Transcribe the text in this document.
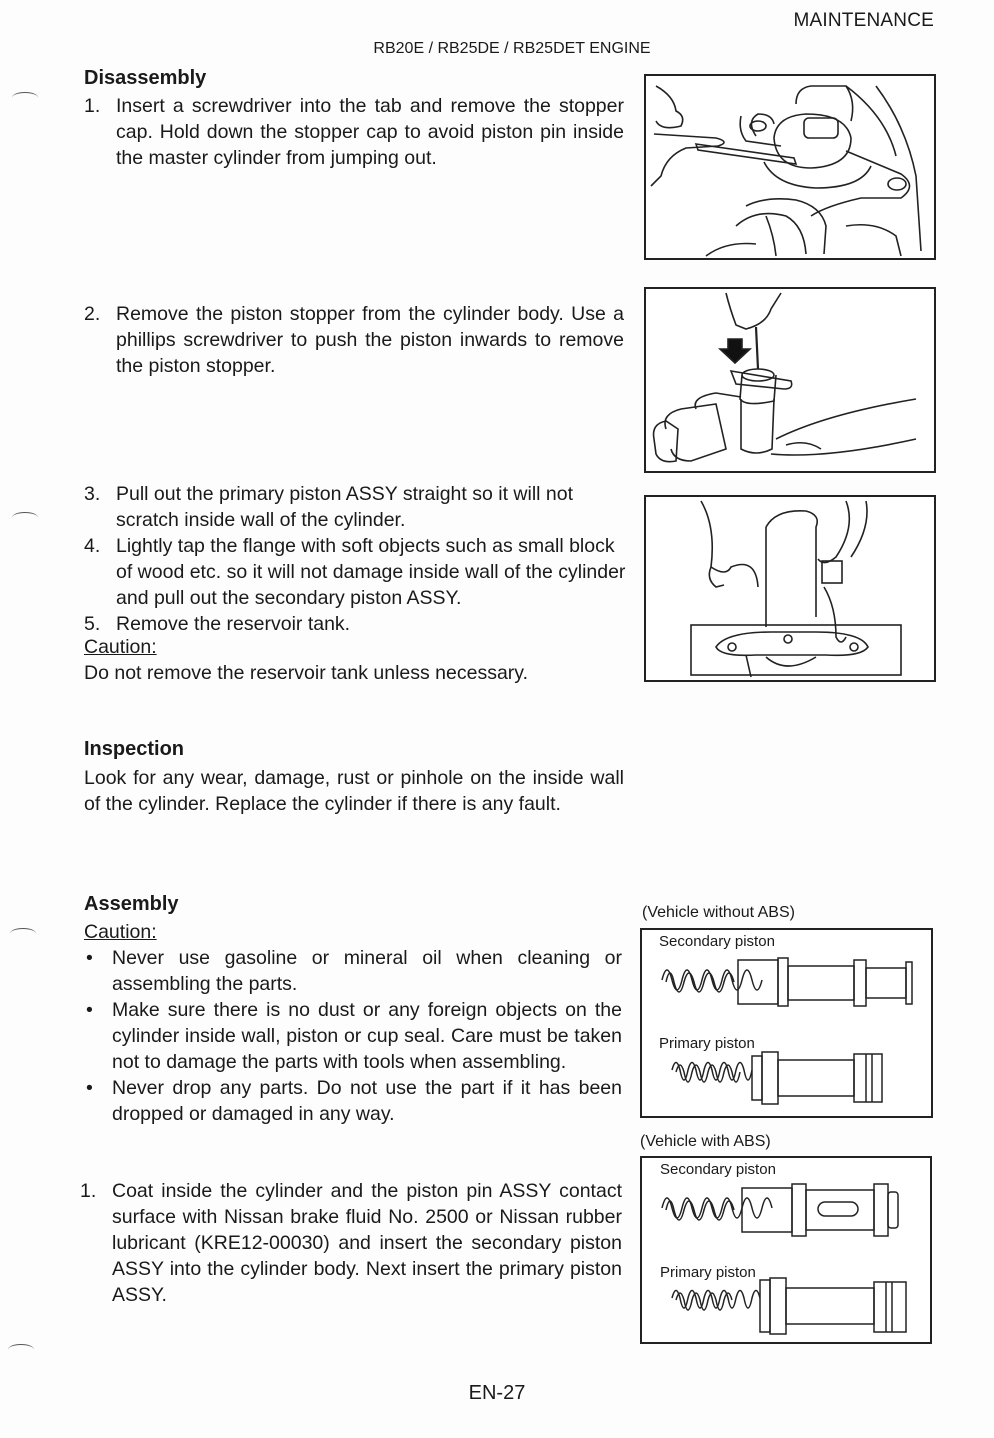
MAINTENANCE
RB20E / RB25DE / RB25DET ENGINE
Disassembly
1. Insert a screwdriver into the tab and remove the stopper cap. Hold down the stopper cap to avoid piston pin inside the master cylinder from jumping out.
2. Remove the piston stopper from the cylinder body. Use a phillips screwdriver to push the piston inwards to remove the piston stopper.
3. Pull out the primary piston ASSY straight so it will not scratch inside wall of the cylinder.
4. Lightly tap the flange with soft objects such as small block of wood etc. so it will not damage inside wall of the cylinder and pull out the secondary piston ASSY.
5. Remove the reservoir tank.
Caution:
Do not remove the reservoir tank unless necessary.
Inspection
Look for any wear, damage, rust or pinhole on the inside wall of the cylinder. Replace the cylinder if there is any fault.
Assembly
Caution:
• Never use gasoline or mineral oil when cleaning or assembling the parts.
• Make sure there is no dust or any foreign objects on the cylinder inside wall, piston or cup seal. Care must be taken not to damage the parts with tools when assembling.
• Never drop any parts. Do not use the part if it has been dropped or damaged in any way.
1. Coat inside the cylinder and the piston pin ASSY contact surface with Nissan brake fluid No. 2500 or Nissan rubber lubricant (KRE12-00030) and insert the secondary piston ASSY into the cylinder body. Next insert the primary piston ASSY.
(Vehicle without ABS)
Secondary piston
Primary piston
(Vehicle with ABS)
Secondary piston
Primary piston
EN-27
